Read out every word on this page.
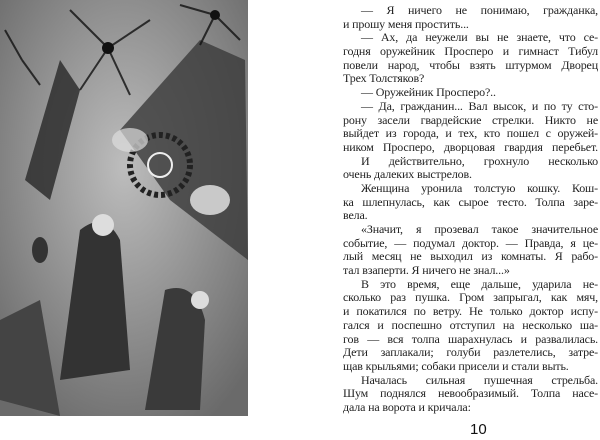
— Я ничего не понимаю, гражданка,
и прошу меня простить...
— Ах, да неужели вы не знаете, что се-
годня оружейник Просперо и гимнаст Тибул
повели народ, чтобы взять штурмом Дворец
Трех Толстяков?
— Оружейник Просперо?..
— Да, гражданин... Вал высок, и по ту сто-
рону засели гвардейские стрелки. Никто не
выйдет из города, и тех, кто пошел с оружей-
ником Просперо, дворцовая гвардия перебьет.
И действительно, грохнуло несколько
очень далеких выстрелов.
Женщина уронила толстую кошку. Кош-
ка шлепнулась, как сырое тесто. Толпа заре-
вела.
«Значит, я прозевал такое значительное
событие, — подумал доктор. — Правда, я це-
лый месяц не выходил из комнаты. Я рабо-
тал взаперти. Я ничего не знал...»
В это время, еще дальше, ударила не-
сколько раз пушка. Гром запрыгал, как мяч,
и покатился по ветру. Не только доктор испу-
гался и поспешно отступил на несколько ша-
гов — вся толпа шарахнулась и развалилась.
Дети заплакали; голуби разлетелись, затре-
щав крыльями; собаки присели и стали выть.
Началась сильная пушечная стрельба.
Шум поднялся невообразимый. Толпа насе-
дала на ворота и кричала:
10
